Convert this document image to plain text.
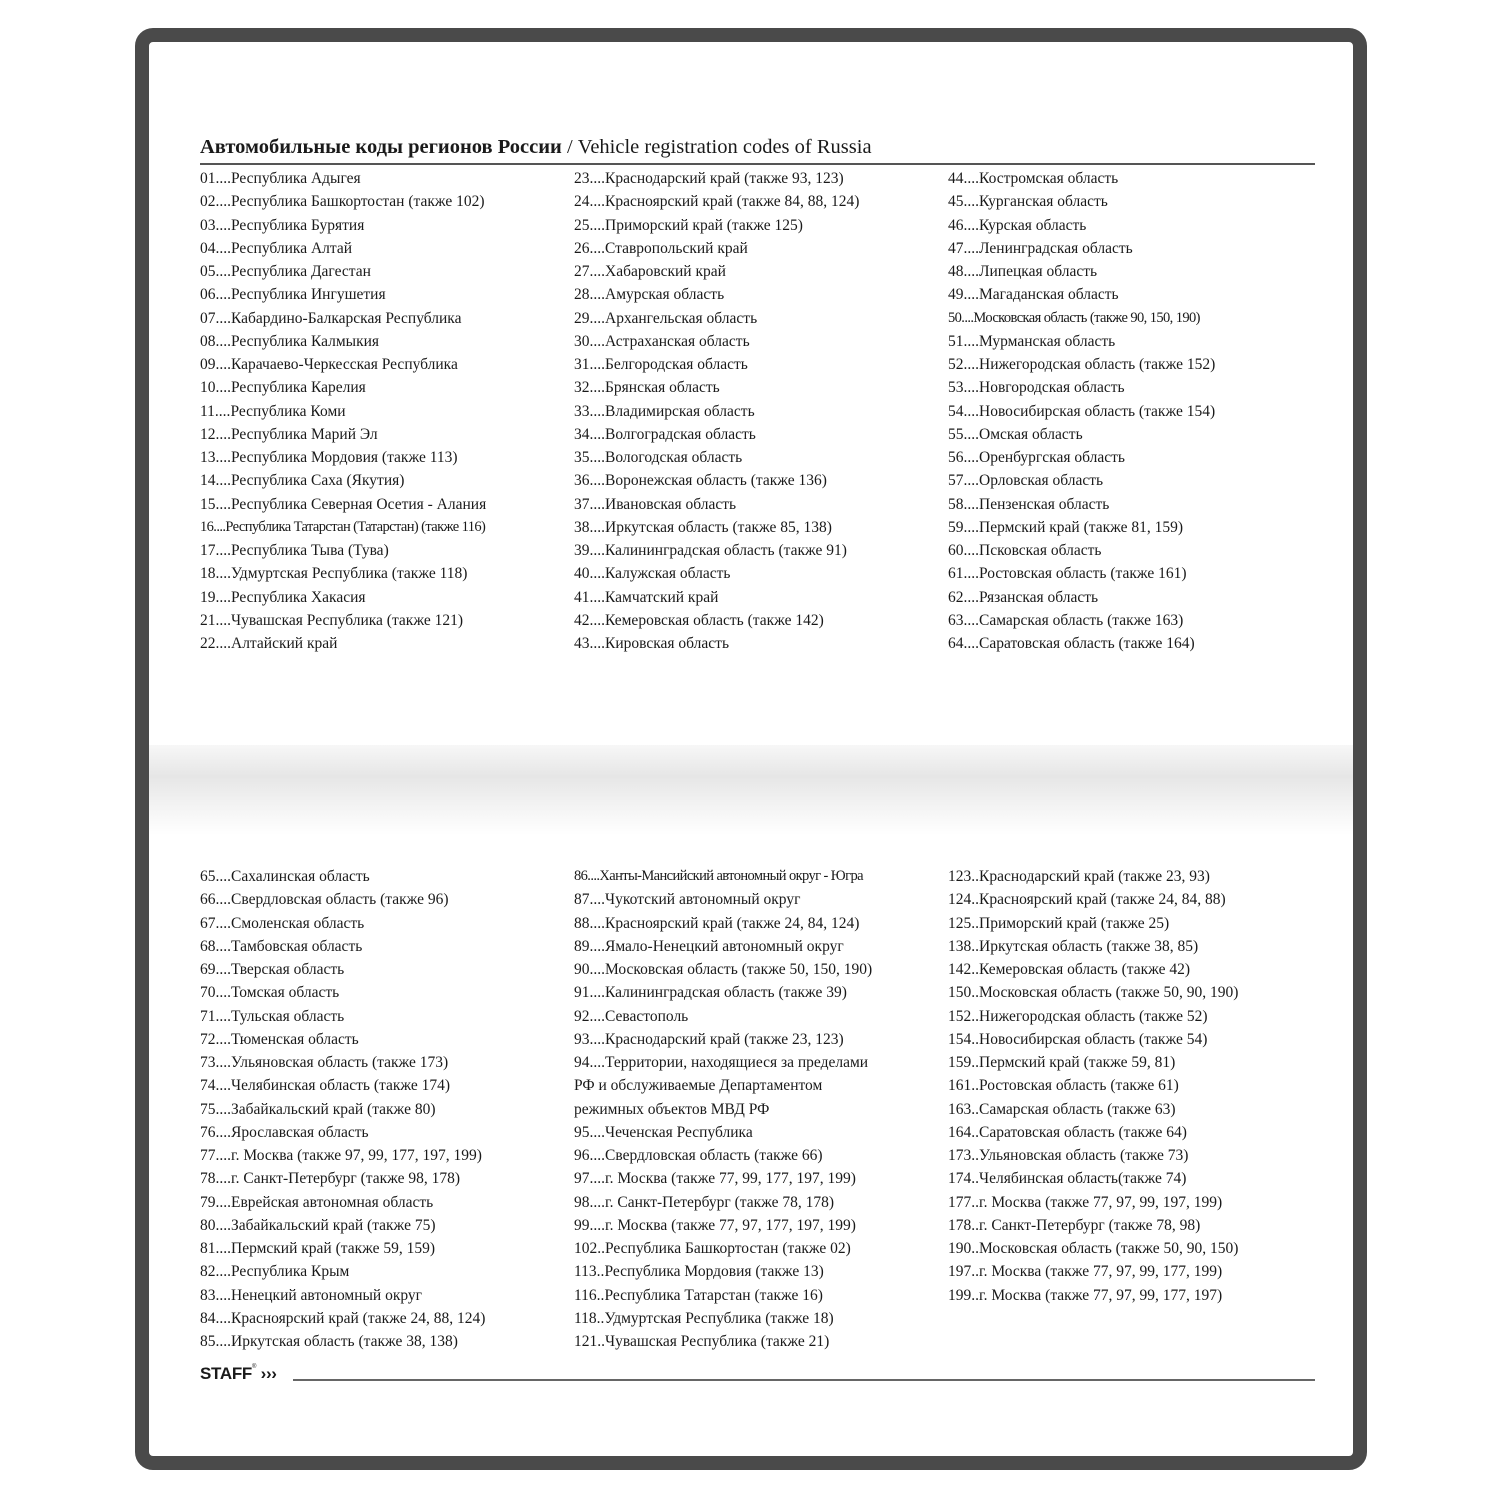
Автомобильные коды регионов России / Vehicle registration codes of Russia
01....Республика Адыгея
02....Республика Башкортостан (также 102)
03....Республика Бурятия
04....Республика Алтай
05....Республика Дагестан
06....Республика Ингушетия
07....Кабардино-Балкарская Республика
08....Республика Калмыкия
09....Карачаево-Черкесская Республика
10....Республика Карелия
11....Республика Коми
12....Республика Марий Эл
13....Республика Мордовия (также 113)
14....Республика Саха (Якутия)
15....Республика Северная Осетия - Алания
16....Республика Татарстан (Татарстан) (также 116)
17....Республика Тыва (Тува)
18....Удмуртская Республика (также 118)
19....Республика Хакасия
21....Чувашская Республика (также 121)
22....Алтайский край
23....Краснодарский край (также 93, 123)
24....Красноярский край (также 84, 88, 124)
25....Приморский край (также 125)
26....Ставропольский край
27....Хабаровский край
28....Амурская область
29....Архангельская область
30....Астраханская область
31....Белгородская область
32....Брянская область
33....Владимирская область
34....Волгоградская область
35....Вологодская область
36....Воронежская область (также 136)
37....Ивановская область
38....Иркутская область (также 85, 138)
39....Калининградская область (также 91)
40....Калужская область
41....Камчатский край
42....Кемеровская область (также 142)
43....Кировская область
44....Костромская область
45....Курганская область
46....Курская область
47....Ленинградская область
48....Липецкая область
49....Магаданская область
50....Московская область (также 90, 150, 190)
51....Мурманская область
52....Нижегородская область (также 152)
53....Новгородская область
54....Новосибирская область (также 154)
55....Омская область
56....Оренбургская область
57....Орловская область
58....Пензенская область
59....Пермский край (также 81, 159)
60....Псковская область
61....Ростовская область (также 161)
62....Рязанская область
63....Самарская область (также 163)
64....Саратовская область (также 164)
65....Сахалинская область
66....Свердловская область (также 96)
67....Смоленская область
68....Тамбовская область
69....Тверская область
70....Томская область
71....Тульская область
72....Тюменская область
73....Ульяновская область (также 173)
74....Челябинская область (также 174)
75....Забайкальский край (также 80)
76....Ярославская область
77....г. Москва (также 97, 99, 177, 197, 199)
78....г. Санкт-Петербург (также 98, 178)
79....Еврейская автономная область
80....Забайкальский край (также 75)
81....Пермский край (также 59, 159)
82....Республика Крым
83....Ненецкий автономный округ
84....Красноярский край (также 24, 88, 124)
85....Иркутская область (также 38, 138)
86....Ханты-Мансийский автономный округ - Югра
87....Чукотский автономный округ
88....Красноярский край (также 24, 84, 124)
89....Ямало-Ненецкий автономный округ
90....Московская область (также 50, 150, 190)
91....Калининградская область (также 39)
92....Севастополь
93....Краснодарский край (также 23, 123)
94....Территории, находящиеся за пределами
РФ и обслуживаемые Департаментом
режимных объектов МВД РФ
95....Чеченская Республика
96....Свердловская область (также 66)
97....г. Москва (также 77, 99, 177, 197, 199)
98....г. Санкт-Петербург (также 78, 178)
99....г. Москва (также 77, 97, 177, 197, 199)
102..Республика Башкортостан (также 02)
113..Республика Мордовия (также 13)
116..Республика Татарстан (также 16)
118..Удмуртская Республика (также 18)
121..Чувашская Республика (также 21)
123..Краснодарский край (также 23, 93)
124..Красноярский край (также 24, 84, 88)
125..Приморский край (также 25)
138..Иркутская область (также 38, 85)
142..Кемеровская область (также 42)
150..Московская область (также 50, 90, 190)
152..Нижегородская область (также 52)
154..Новосибирская область (также 54)
159..Пермский край (также 59, 81)
161..Ростовская область (также 61)
163..Самарская область (также 63)
164..Саратовская область (также 64)
173..Ульяновская область (также 73)
174..Челябинская область(также 74)
177..г. Москва (также 77, 97, 99, 197, 199)
178..г. Санкт-Петербург (также 78, 98)
190..Московская область (также 50, 90, 150)
197..г. Москва (также 77, 97, 99, 177, 199)
199..г. Москва (также 77, 97, 99, 177, 197)
STAFF® ›››
